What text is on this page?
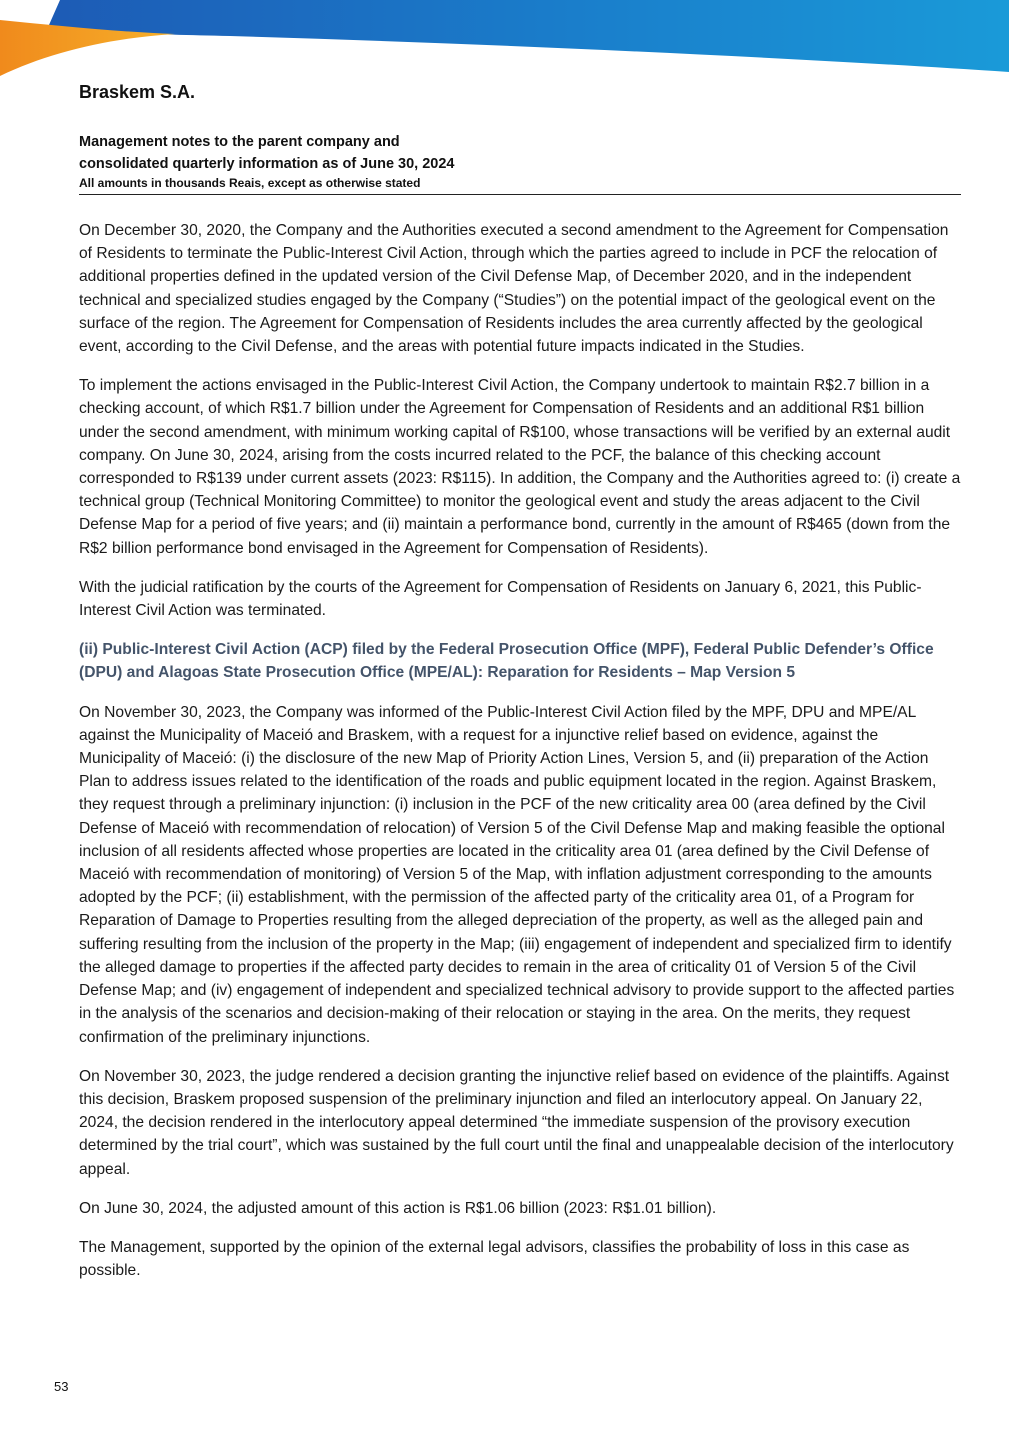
Braskem S.A.
Management notes to the parent company and
consolidated quarterly information as of June 30, 2024
All amounts in thousands Reais, except as otherwise stated

On December 30, 2020, the Company and the Authorities executed a second amendment to the Agreement for Compensation of Residents to terminate the Public-Interest Civil Action, through which the parties agreed to include in PCF the relocation of additional properties defined in the updated version of the Civil Defense Map, of December 2020, and in the independent technical and specialized studies engaged by the Company (“Studies”) on the potential impact of the geological event on the surface of the region. The Agreement for Compensation of Residents includes the area currently affected by the geological event, according to the Civil Defense, and the areas with potential future impacts indicated in the Studies.

To implement the actions envisaged in the Public-Interest Civil Action, the Company undertook to maintain R$2.7 billion in a checking account, of which R$1.7 billion under the Agreement for Compensation of Residents and an additional R$1 billion under the second amendment, with minimum working capital of R$100, whose transactions will be verified by an external audit company. On June 30, 2024, arising from the costs incurred related to the PCF, the balance of this checking account corresponded to R$139 under current assets (2023: R$115). In addition, the Company and the Authorities agreed to: (i) create a technical group (Technical Monitoring Committee) to monitor the geological event and study the areas adjacent to the Civil Defense Map for a period of five years; and (ii) maintain a performance bond, currently in the amount of R$465 (down from the R$2 billion performance bond envisaged in the Agreement for Compensation of Residents).

With the judicial ratification by the courts of the Agreement for Compensation of Residents on January 6, 2021, this Public-Interest Civil Action was terminated.

(ii) Public-Interest Civil Action (ACP) filed by the Federal Prosecution Office (MPF), Federal Public Defender’s Office (DPU) and Alagoas State Prosecution Office (MPE/AL): Reparation for Residents – Map Version 5

On November 30, 2023, the Company was informed of the Public-Interest Civil Action filed by the MPF, DPU and MPE/AL against the Municipality of Maceió and Braskem, with a request for a injunctive relief based on evidence, against the Municipality of Maceió: (i) the disclosure of the new Map of Priority Action Lines, Version 5, and (ii) preparation of the Action Plan to address issues related to the identification of the roads and public equipment located in the region. Against Braskem, they request through a preliminary injunction: (i) inclusion in the PCF of the new criticality area 00 (area defined by the Civil Defense of Maceió with recommendation of relocation) of Version 5 of the Civil Defense Map and making feasible the optional inclusion of all residents affected whose properties are located in the criticality area 01 (area defined by the Civil Defense of Maceió with recommendation of monitoring) of Version 5 of the Map, with inflation adjustment corresponding to the amounts adopted by the PCF; (ii) establishment, with the permission of the affected party of the criticality area 01, of a Program for Reparation of Damage to Properties resulting from the alleged depreciation of the property, as well as the alleged pain and suffering resulting from the inclusion of the property in the Map; (iii) engagement of independent and specialized firm to identify the alleged damage to properties if the affected party decides to remain in the area of criticality 01 of Version 5 of the Civil Defense Map; and (iv) engagement of independent and specialized technical advisory to provide support to the affected parties in the analysis of the scenarios and decision-making of their relocation or staying in the area. On the merits, they request confirmation of the preliminary injunctions.

On November 30, 2023, the judge rendered a decision granting the injunctive relief based on evidence of the plaintiffs. Against this decision, Braskem proposed suspension of the preliminary injunction and filed an interlocutory appeal. On January 22, 2024, the decision rendered in the interlocutory appeal determined “the immediate suspension of the provisory execution determined by the trial court”, which was sustained by the full court until the final and unappealable decision of the interlocutory appeal.

On June 30, 2024, the adjusted amount of this action is R$1.06 billion (2023: R$1.01 billion).

The Management, supported by the opinion of the external legal advisors, classifies the probability of loss in this case as possible.

53
